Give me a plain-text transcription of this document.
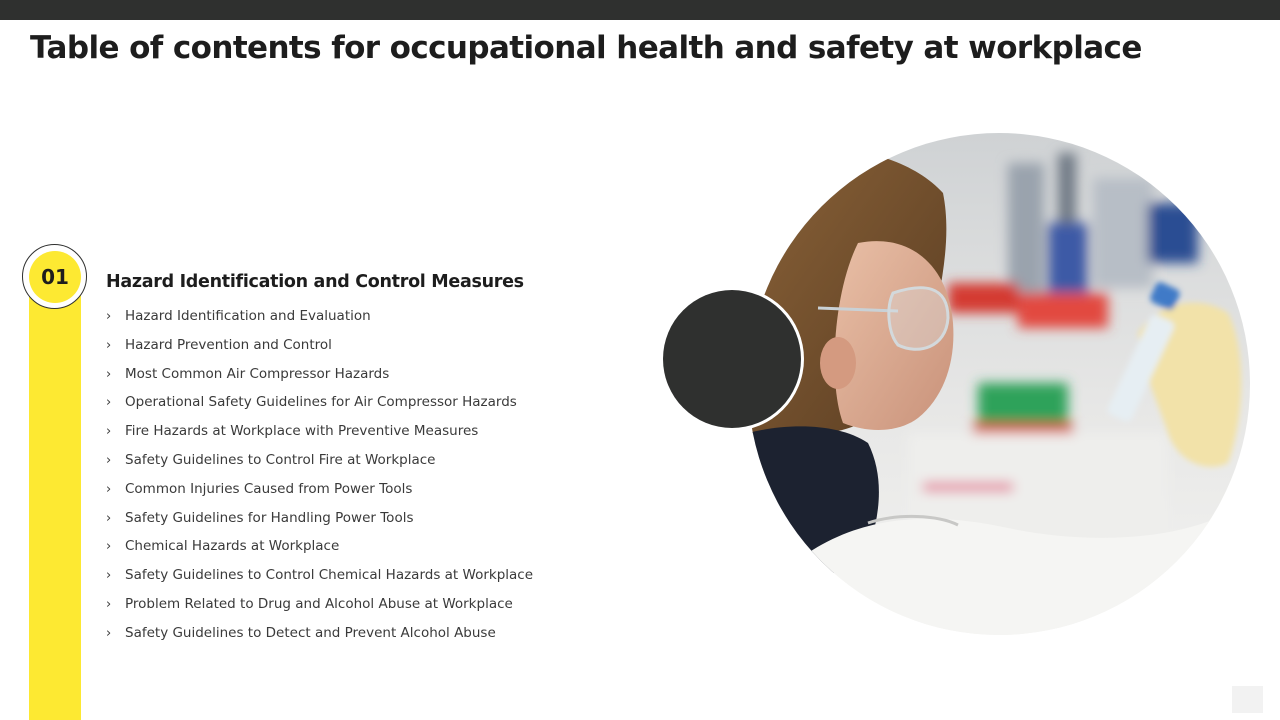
Table of contents for occupational health and safety at workplace
01	Hazard Identification and Control Measures
› Hazard Identification and Evaluation
› Hazard Prevention and Control
› Most Common Air Compressor Hazards
› Operational Safety Guidelines for Air Compressor Hazards
› Fire Hazards at Workplace with Preventive Measures
› Safety Guidelines to Control Fire at Workplace
› Common Injuries Caused from Power Tools
› Safety Guidelines for Handling Power Tools
› Chemical Hazards at Workplace
› Safety Guidelines to Control Chemical Hazards at Workplace
› Problem Related to Drug and Alcohol Abuse at Workplace
› Safety Guidelines to Detect and Prevent Alcohol Abuse
